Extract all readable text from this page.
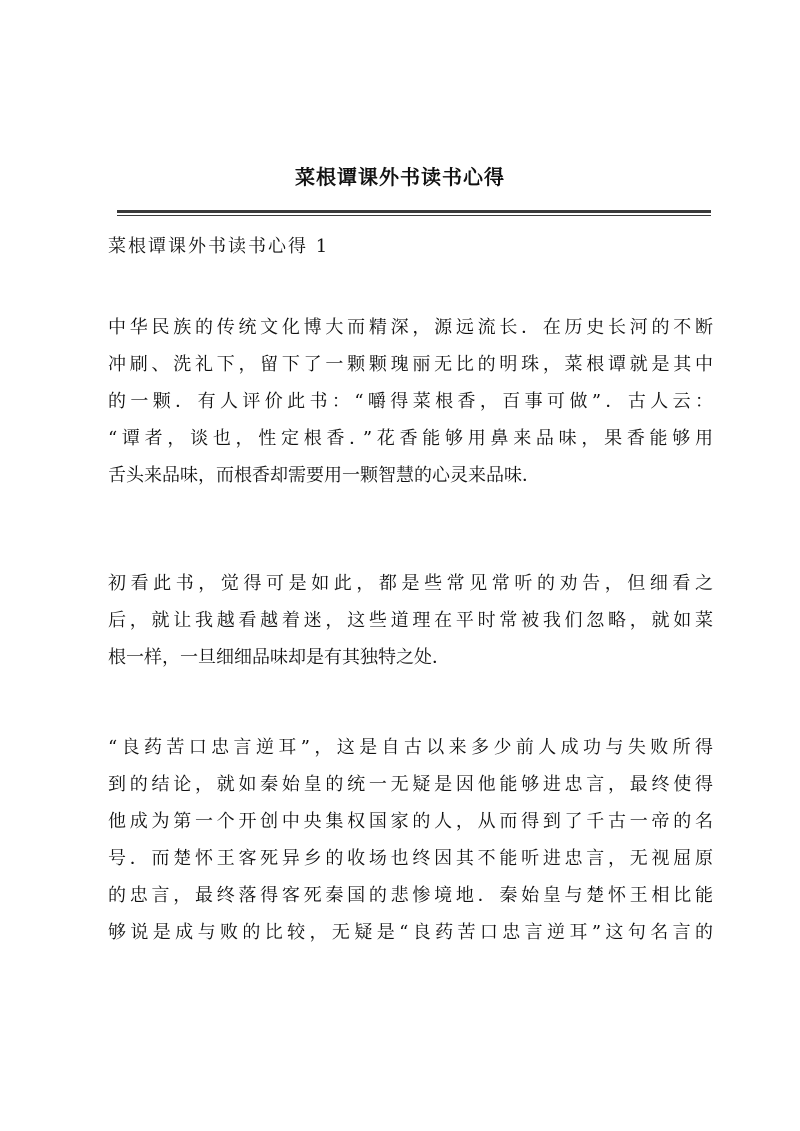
菜根谭课外书读书心得
菜根谭课外书读书心得 1
中华民族的传统文化博大而精深，源远流长．在历史长河的不断
冲刷、洗礼下，留下了一颗颗瑰丽无比的明珠，菜根谭就是其中
的一颗．有人评价此书：“嚼得菜根香，百事可做”．古人云：
“谭者，谈也，性定根香．”花香能够用鼻来品味，果香能够用
舌头来品味，而根香却需要用一颗智慧的心灵来品味．
初看此书，觉得可是如此，都是些常见常听的劝告，但细看之
后，就让我越看越着迷，这些道理在平时常被我们忽略，就如菜
根一样，一旦细细品味却是有其独特之处．
“良药苦口忠言逆耳”，这是自古以来多少前人成功与失败所得
到的结论，就如秦始皇的统一无疑是因他能够进忠言，最终使得
他成为第一个开创中央集权国家的人，从而得到了千古一帝的名
号．而楚怀王客死异乡的收场也终因其不能听进忠言，无视屈原
的忠言，最终落得客死秦国的悲惨境地．秦始皇与楚怀王相比能
够说是成与败的比较，无疑是“良药苦口忠言逆耳”这句名言的
